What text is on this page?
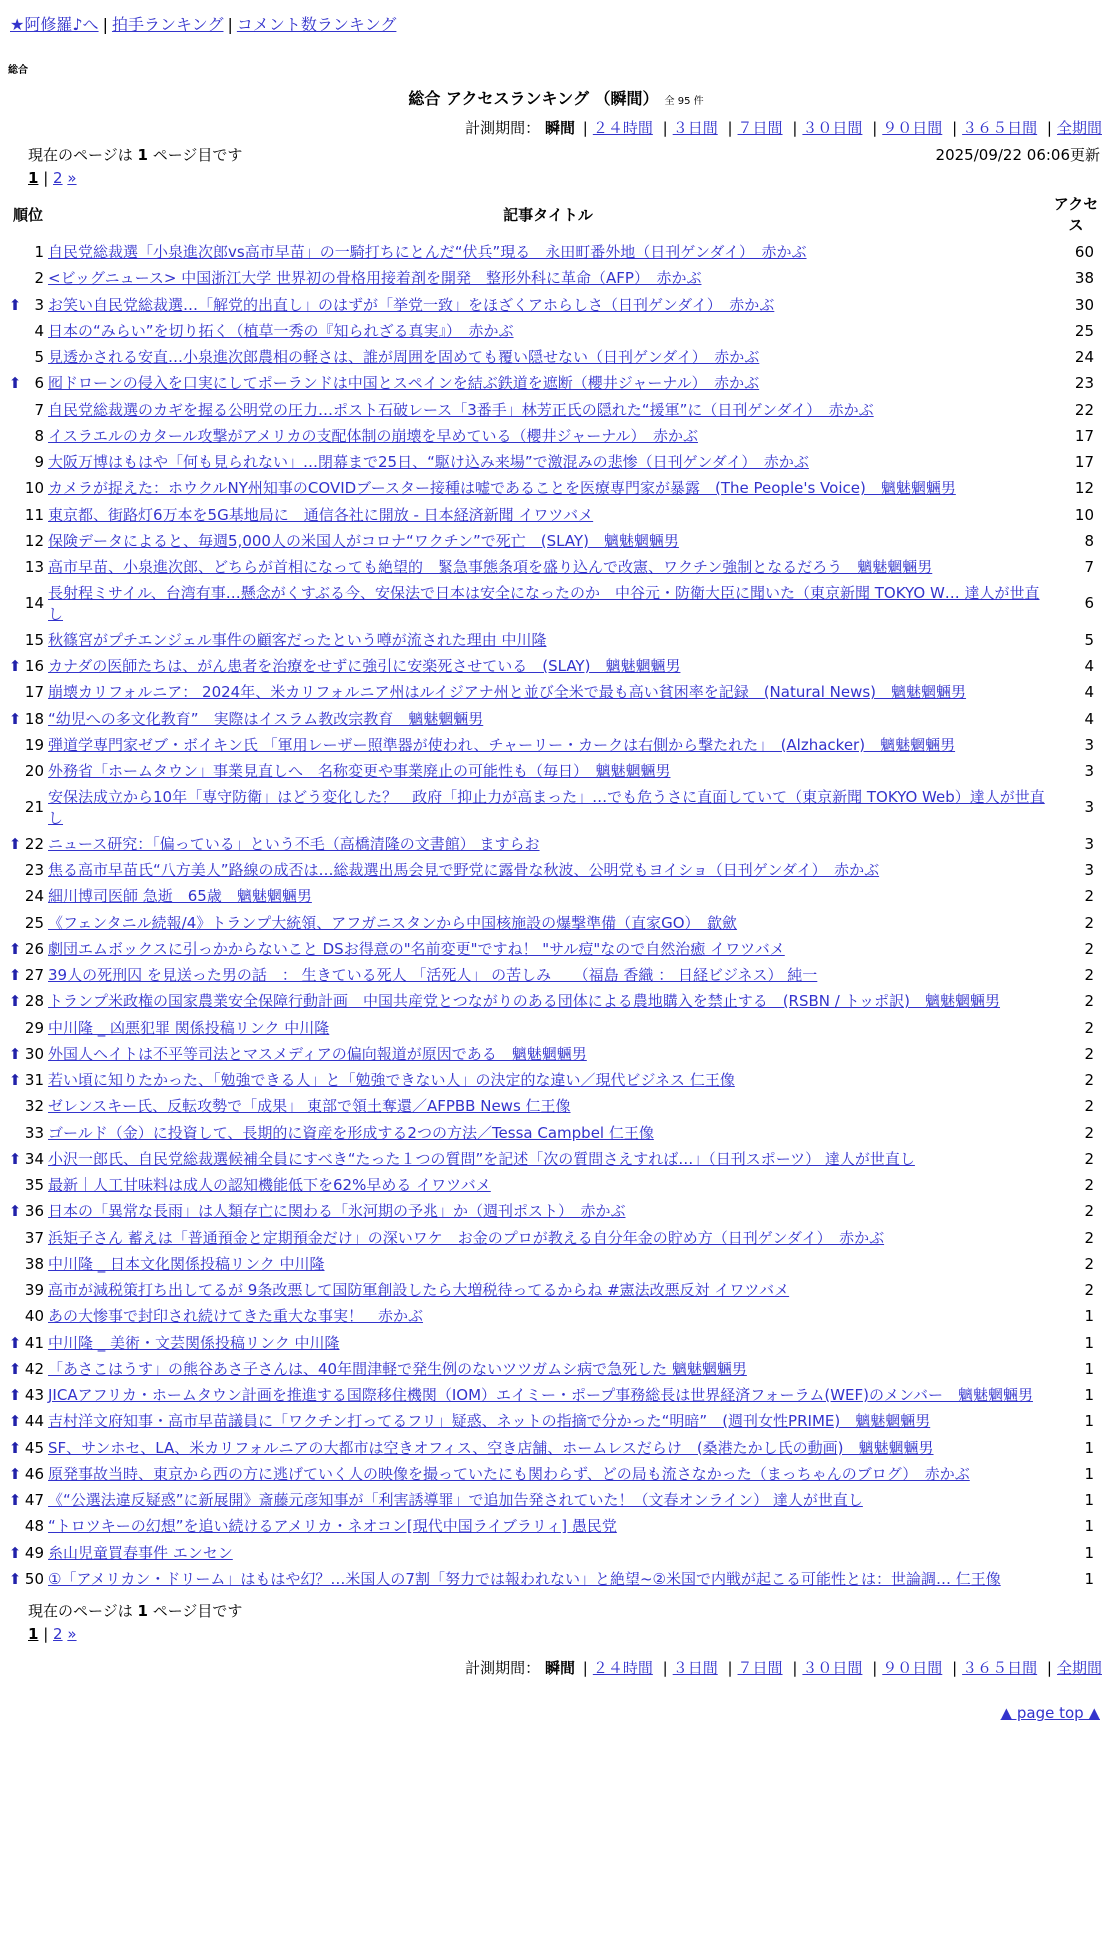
★阿修羅♪へ | 拍手ランキング | コメント数ランキング
総合
総合 アクセスランキング （瞬間） 全 95 件
計測期間： 瞬間 | ２４時間 | ３日間 | ７日間 | ３０日間 | ９０日間 | ３６５日間 | 全期間
現在のページは 1 ページ目です	2025/09/22 06:06更新
1 | 2 »
順位		記事タイトル	アクセス
	1	自民党総裁選「小泉進次郎vs高市早苗」の一騎打ちにとんだ“伏兵”現る　永田町番外地（日刊ゲンダイ）　赤かぶ	60
	2	<ビッグニュース> 中国浙江大学 世界初の骨格用接着剤を開発　整形外科に革命（AFP）　赤かぶ	38
⬆	3	お笑い自民党総裁選…「解党的出直し」のはずが「挙党一致」をほざくアホらしさ（日刊ゲンダイ）　赤かぶ	30
	4	日本の“みらい”を切り拓く（植草一秀の『知られざる真実』）　赤かぶ	25
	5	見透かされる安直…小泉進次郎農相の軽さは、誰が周囲を固めても覆い隠せない（日刊ゲンダイ）　赤かぶ	24
⬆	6	囮ドローンの侵入を口実にしてポーランドは中国とスペインを結ぶ鉄道を遮断（櫻井ジャーナル）　赤かぶ	23
	7	自民党総裁選のカギを握る公明党の圧力…ポスト石破レース「3番手」林芳正氏の隠れた“援軍”に（日刊ゲンダイ）　赤かぶ	22
	8	イスラエルのカタール攻撃がアメリカの支配体制の崩壊を早めている（櫻井ジャーナル）　赤かぶ	17
	9	大阪万博はもはや「何も見られない」…閉幕まで25日、“駆け込み来場”で激混みの悲惨（日刊ゲンダイ）　赤かぶ	17
	10	カメラが捉えた：ホウクルNY州知事のCOVIDブースター接種は嘘であることを医療専門家が暴露　(The People's Voice)　魑魅魍魎男	12
	11	東京都、街路灯6万本を5G基地局に　通信各社に開放 - 日本経済新聞 イワツバメ	10
	12	保険データによると、毎週5,000人の米国人がコロナ“ワクチン”で死亡　(SLAY)　魑魅魍魎男	8
	13	高市早苗、小泉進次郎、どちらが首相になっても絶望的　緊急事態条項を盛り込んで改憲、ワクチン強制となるだろう　魑魅魍魎男	7
	14	長射程ミサイル、台湾有事…懸念がくすぶる今、安保法で日本は安全になったのか　中谷元・防衛大臣に聞いた（東京新聞 TOKYO W… 達人が世直し	6
	15	秋篠宮がプチエンジェル事件の顧客だったという噂が流された理由 中川隆	5
⬆	16	カナダの医師たちは、がん患者を治療をせずに強引に安楽死させている　(SLAY)　魑魅魍魎男	4
	17	崩壊カリフォルニア： 2024年、米カリフォルニア州はルイジアナ州と並び全米で最も高い貧困率を記録　(Natural News)　魑魅魍魎男	4
⬆	18	“幼児への多文化教育”　実際はイスラム教改宗教育　魑魅魍魎男	4
	19	弾道学専門家ゼブ・ボイキン氏 「軍用レーザー照準器が使われ、チャーリー・カークは右側から撃たれた」　(Alzhacker)　魑魅魍魎男	3
	20	外務省「ホームタウン」事業見直しへ　名称変更や事業廃止の可能性も（毎日）　魑魅魍魎男	3
	21	安保法成立から10年「専守防衛」はどう変化した？　政府「抑止力が高まった」…でも危うさに直面していて（東京新聞 TOKYO Web）達人が世直し	3
⬆	22	ニュース研究：「偏っている」という不毛（高橋清隆の文書館） ますらお	3
	23	焦る高市早苗氏“八方美人”路線の成否は…総裁選出馬会見で野党に露骨な秋波、公明党もヨイショ（日刊ゲンダイ）　赤かぶ	3
	24	細川博司医師 急逝　65歳　魑魅魍魎男	2
	25	《フェンタニル続報/4》トランプ大統領、アフガニスタンから中国核施設の爆撃準備（直家GO）　歙歛	2
⬆	26	劇団エムボックスに引っかからないこと DSお得意の"名前変更"ですね！ "サル痘"なので自然治癒 イワツバメ	2
⬆	27	39人の死刑囚 を見送った男の話　： 生きている死人 「活死人」 の苦しみ　　（福島 香織 ： 日経ビジネス） 純一	2
⬆	28	トランプ米政権の国家農業安全保障行動計画　中国共産党とつながりのある団体による農地購入を禁止する　(RSBN / トッポ訳)　魑魅魍魎男	2
	29	中川隆 _ 凶悪犯罪 関係投稿リンク 中川隆	2
⬆	30	外国人ヘイトは不平等司法とマスメディアの偏向報道が原因である　魑魅魍魎男	2
⬆	31	若い頃に知りたかった、「勉強できる人」と「勉強できない人」の決定的な違い／現代ビジネス 仁王像	2
	32	ゼレンスキー氏、反転攻勢で「成果」 東部で領土奪還／AFPBB News 仁王像	2
	33	ゴールド（金）に投資して、長期的に資産を形成する2つの方法／Tessa Campbel 仁王像	2
⬆	34	小沢一郎氏、自民党総裁選候補全員にすべき“たった１つの質問”を記述「次の質問さえすれば…」（日刊スポーツ） 達人が世直し	2
	35	最新｜人工甘味料は成人の認知機能低下を62%早める イワツバメ	2
⬆	36	日本の「異常な長雨」は人類存亡に関わる「氷河期の予兆」か（週刊ポスト）　赤かぶ	2
	37	浜矩子さん 蓄えは「普通預金と定期預金だけ」の深いワケ　お金のプロが教える自分年金の貯め方（日刊ゲンダイ）　赤かぶ	2
	38	中川隆 _ 日本文化関係投稿リンク 中川隆	2
	39	高市が減税策打ち出してるが 9条改悪して国防軍創設したら大増税待ってるからね #憲法改悪反対 イワツバメ	2
	40	あの大惨事で封印され続けてきた重大な事実！　赤かぶ	1
⬆	41	中川隆 _ 美術・文芸関係投稿リンク 中川隆	1
⬆	42	「あさこはうす」の熊谷あさ子さんは、40年間津軽で発生例のないツツガムシ病で急死した 魑魅魍魎男	1
⬆	43	JICAアフリカ・ホームタウン計画を推進する国際移住機関（IOM）エイミー・ポープ事務総長は世界経済フォーラム(WEF)のメンバー　魑魅魍魎男	1
⬆	44	吉村洋文府知事・高市早苗議員に「ワクチン打ってるフリ」疑惑、ネットの指摘で分かった“明暗”　(週刊女性PRIME)　魑魅魍魎男	1
⬆	45	SF、サンホセ、LA、米カリフォルニアの大都市は空きオフィス、空き店舗、ホームレスだらけ　(桑港たかし氏の動画)　魑魅魍魎男	1
⬆	46	原発事故当時、東京から西の方に逃げていく人の映像を撮っていたにも関わらず、どの局も流さなかった（まっちゃんのブログ）　赤かぶ	1
⬆	47	《“公選法違反疑惑”に新展開》斎藤元彦知事が「利害誘導罪」で追加告発されていた！（文春オンライン） 達人が世直し	1
	48	“トロツキーの幻想”を追い続けるアメリカ・ネオコン[現代中国ライブラリィ] 愚民党	1
⬆	49	糸山児童買春事件 エンセン	1
⬆	50	①「アメリカン・ドリーム」はもはや幻？…米国人の7割「努力では報われない」と絶望~②米国で内戦が起こる可能性とは：世論調… 仁王像	1
現在のページは 1 ページ目です
1 | 2 »
計測期間： 瞬間 | ２４時間 | ３日間 | ７日間 | ３０日間 | ９０日間 | ３６５日間 | 全期間
▲ page top ▲
